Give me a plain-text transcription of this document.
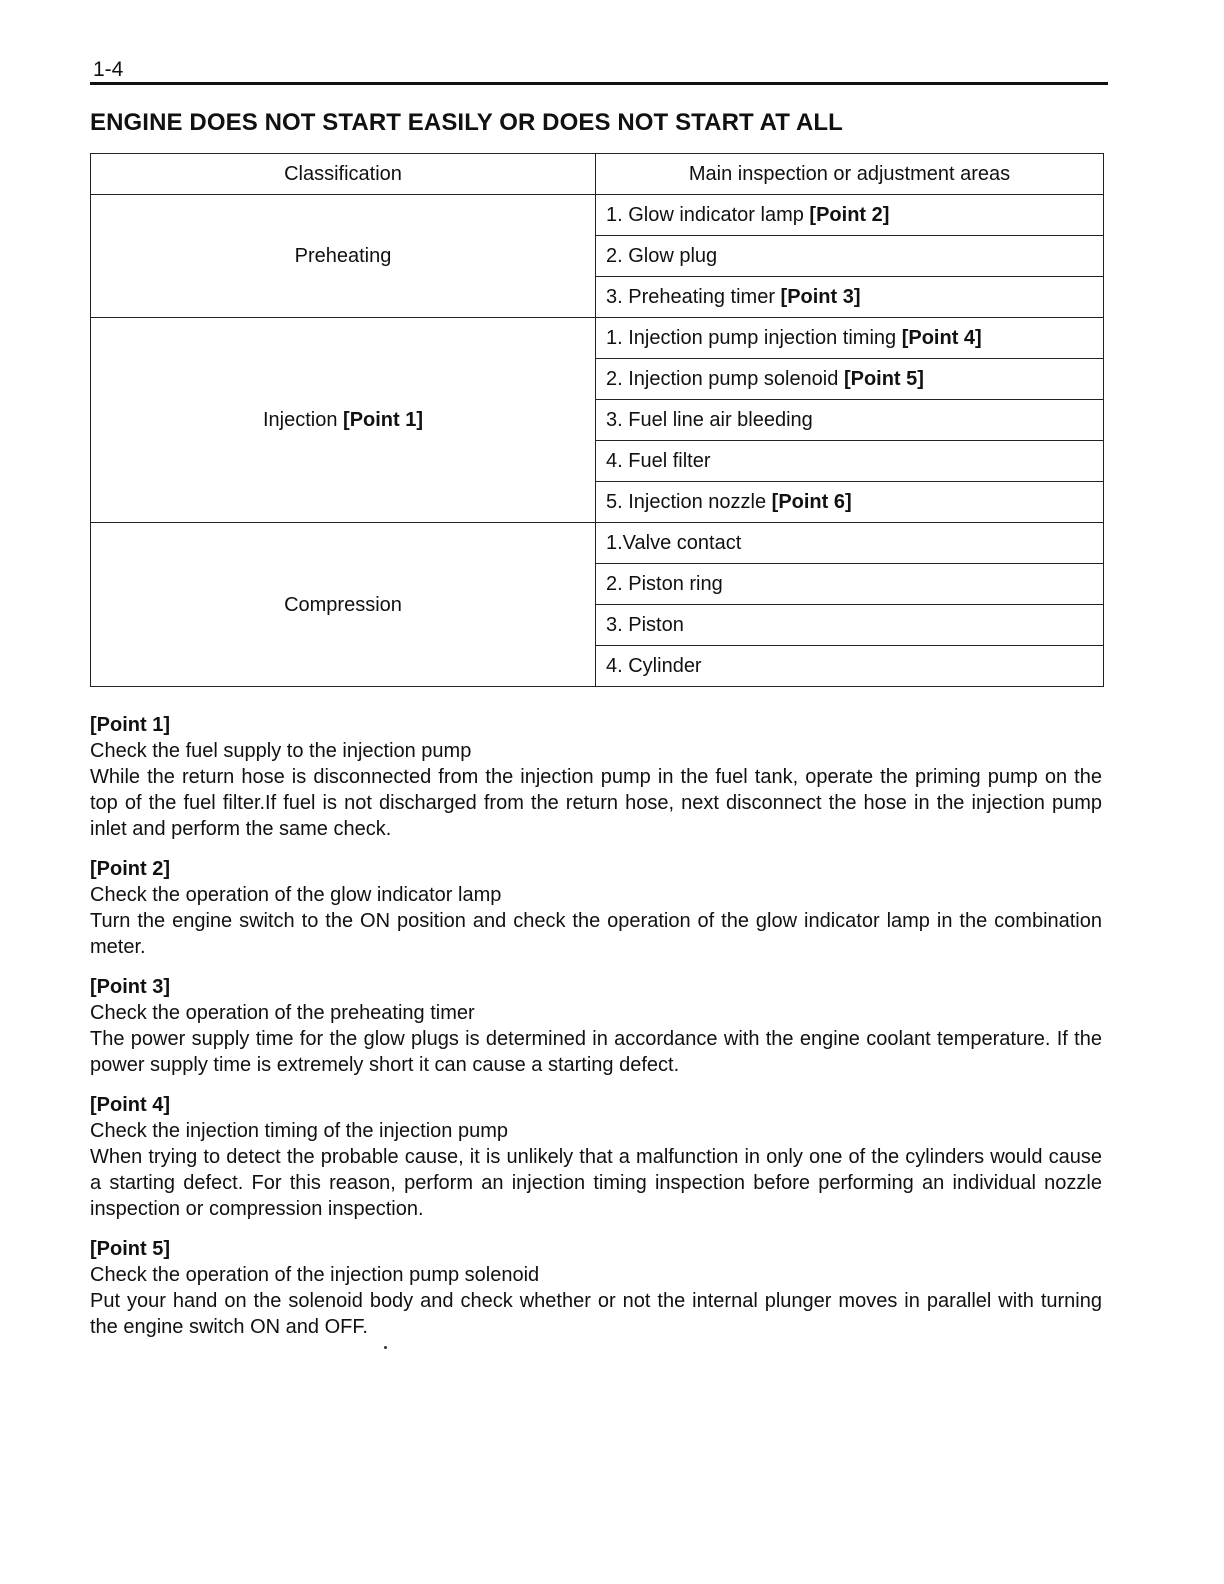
1-4
ENGINE DOES NOT START EASILY OR DOES NOT START AT ALL
Classification	Main inspection or adjustment areas
Preheating	1. Glow indicator lamp [Point 2]
	2. Glow plug
	3. Preheating timer [Point 3]
Injection [Point 1]	1. Injection pump injection timing [Point 4]
	2. Injection pump solenoid [Point 5]
	3. Fuel line air bleeding
	4. Fuel filter
	5. Injection nozzle [Point 6]
Compression	1.Valve contact
	2. Piston ring
	3. Piston
	4. Cylinder
[Point 1]
Check the fuel supply to the injection pump
While the return hose is disconnected from the injection pump in the fuel tank, operate the priming pump on the top of the fuel filter.If fuel is not discharged from the return hose, next disconnect the hose in the injection pump inlet and perform the same check.
[Point 2]
Check the operation of the glow indicator lamp
Turn the engine switch to the ON position and check the operation of the glow indicator lamp in the combination meter.
[Point 3]
Check the operation of the preheating timer
The power supply time for the glow plugs is determined in accordance with the engine coolant temperature. If the power supply time is extremely short it can cause a starting defect.
[Point 4]
Check the injection timing of the injection pump
When trying to detect the probable cause, it is unlikely that a malfunction in only one of the cylinders would cause a starting defect. For this reason, perform an injection timing inspection before performing an individual nozzle inspection or compression inspection.
[Point 5]
Check the operation of the injection pump solenoid
Put your hand on the solenoid body and check whether or not the internal plunger moves in parallel with turning the engine switch ON and OFF.
